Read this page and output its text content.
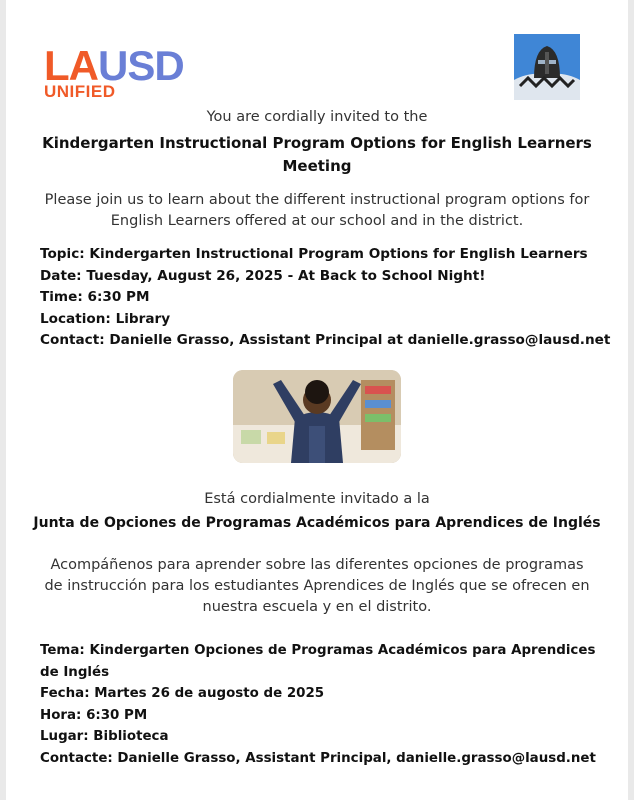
LAUSD
UNIFIED
You are cordially invited to the
Kindergarten Instructional Program Options for English Learners
Meeting
Please join us to learn about the different instructional program options for
English Learners offered at our school and in the district.
Topic: Kindergarten Instructional Program Options for English Learners
Date: Tuesday, August 26, 2025 - At Back to School Night!
Time: 6:30 PM
Location: Library
Contact: Danielle Grasso, Assistant Principal at danielle.grasso@lausd.net
Está cordialmente invitado a la
Junta de Opciones de Programas Académicos para Aprendices de Inglés
Acompáñenos para aprender sobre las diferentes opciones de programas
de instrucción para los estudiantes Aprendices de Inglés que se ofrecen en
nuestra escuela y en el distrito.
Tema: Kindergarten Opciones de Programas Académicos para Aprendices
de Inglés
Fecha: Martes 26 de augosto de 2025
Hora: 6:30 PM
Lugar: Biblioteca
Contacte: Danielle Grasso, Assistant Principal, danielle.grasso@lausd.net
